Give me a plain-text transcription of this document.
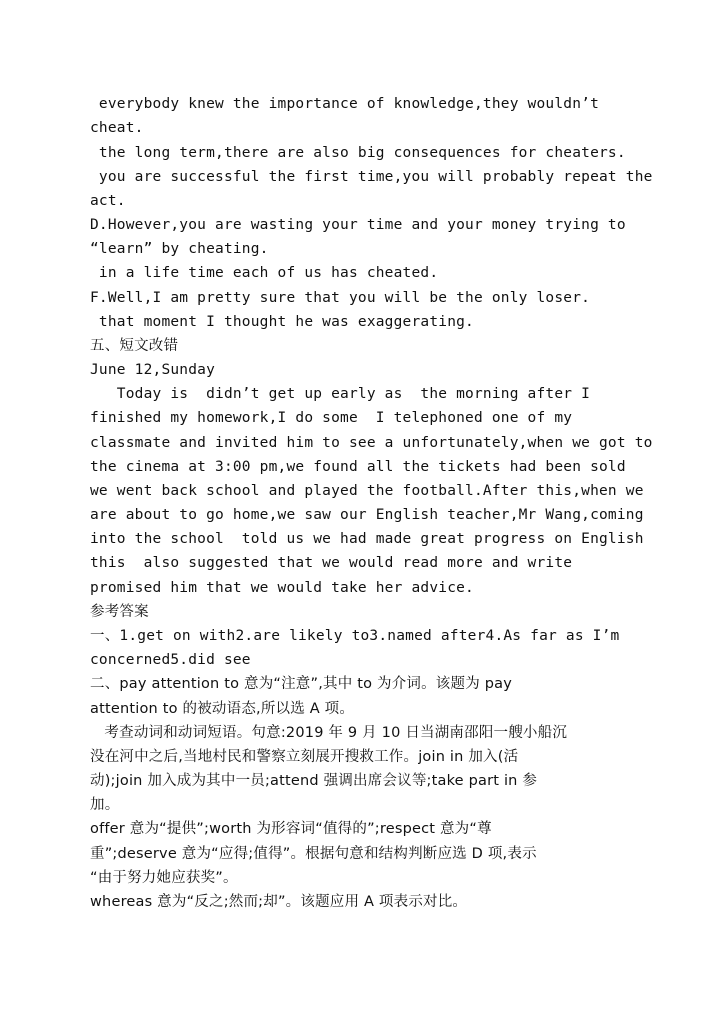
everybody knew the importance of knowledge,they wouldn’t
cheat.
the long term,there are also big consequences for cheaters.
you are successful the first time,you will probably repeat the
act.
D.However,you are wasting your time and your money trying to
“learn” by cheating.
in a life time each of us has cheated.
F.Well,I am pretty sure that you will be the only loser.
that moment I thought he was exaggerating.
五、短文改错
June 12,Sunday
Today is  didn’t get up early as  the morning after I
finished my homework,I do some  I telephoned one of my
classmate and invited him to see a unfortunately,when we got to
the cinema at 3:00 pm,we found all the tickets had been sold
we went back school and played the football.After this,when we
are about to go home,we saw our English teacher,Mr Wang,coming
into the school  told us we had made great progress on English
this  also suggested that we would read more and write
promised him that we would take her advice.
参考答案
一、1.get on with2.are likely to3.named after4.As far as I’m
concerned5.did see
二、pay attention to 意为“注意”,其中 to 为介词。该题为 pay
attention to 的被动语态,所以选 A 项。
考查动词和动词短语。句意:2019 年 9 月 10 日当湖南邵阳一艘小船沉
没在河中之后,当地村民和警察立刻展开搜救工作。join in 加入(活
动);join 加入成为其中一员;attend 强调出席会议等;take part in 参
加。
offer 意为“提供”;worth 为形容词“值得的”;respect 意为“尊
重”;deserve 意为“应得;值得”。根据句意和结构判断应选 D 项,表示
“由于努力她应获奖”。
whereas 意为“反之;然而;却”。该题应用 A 项表示对比。
